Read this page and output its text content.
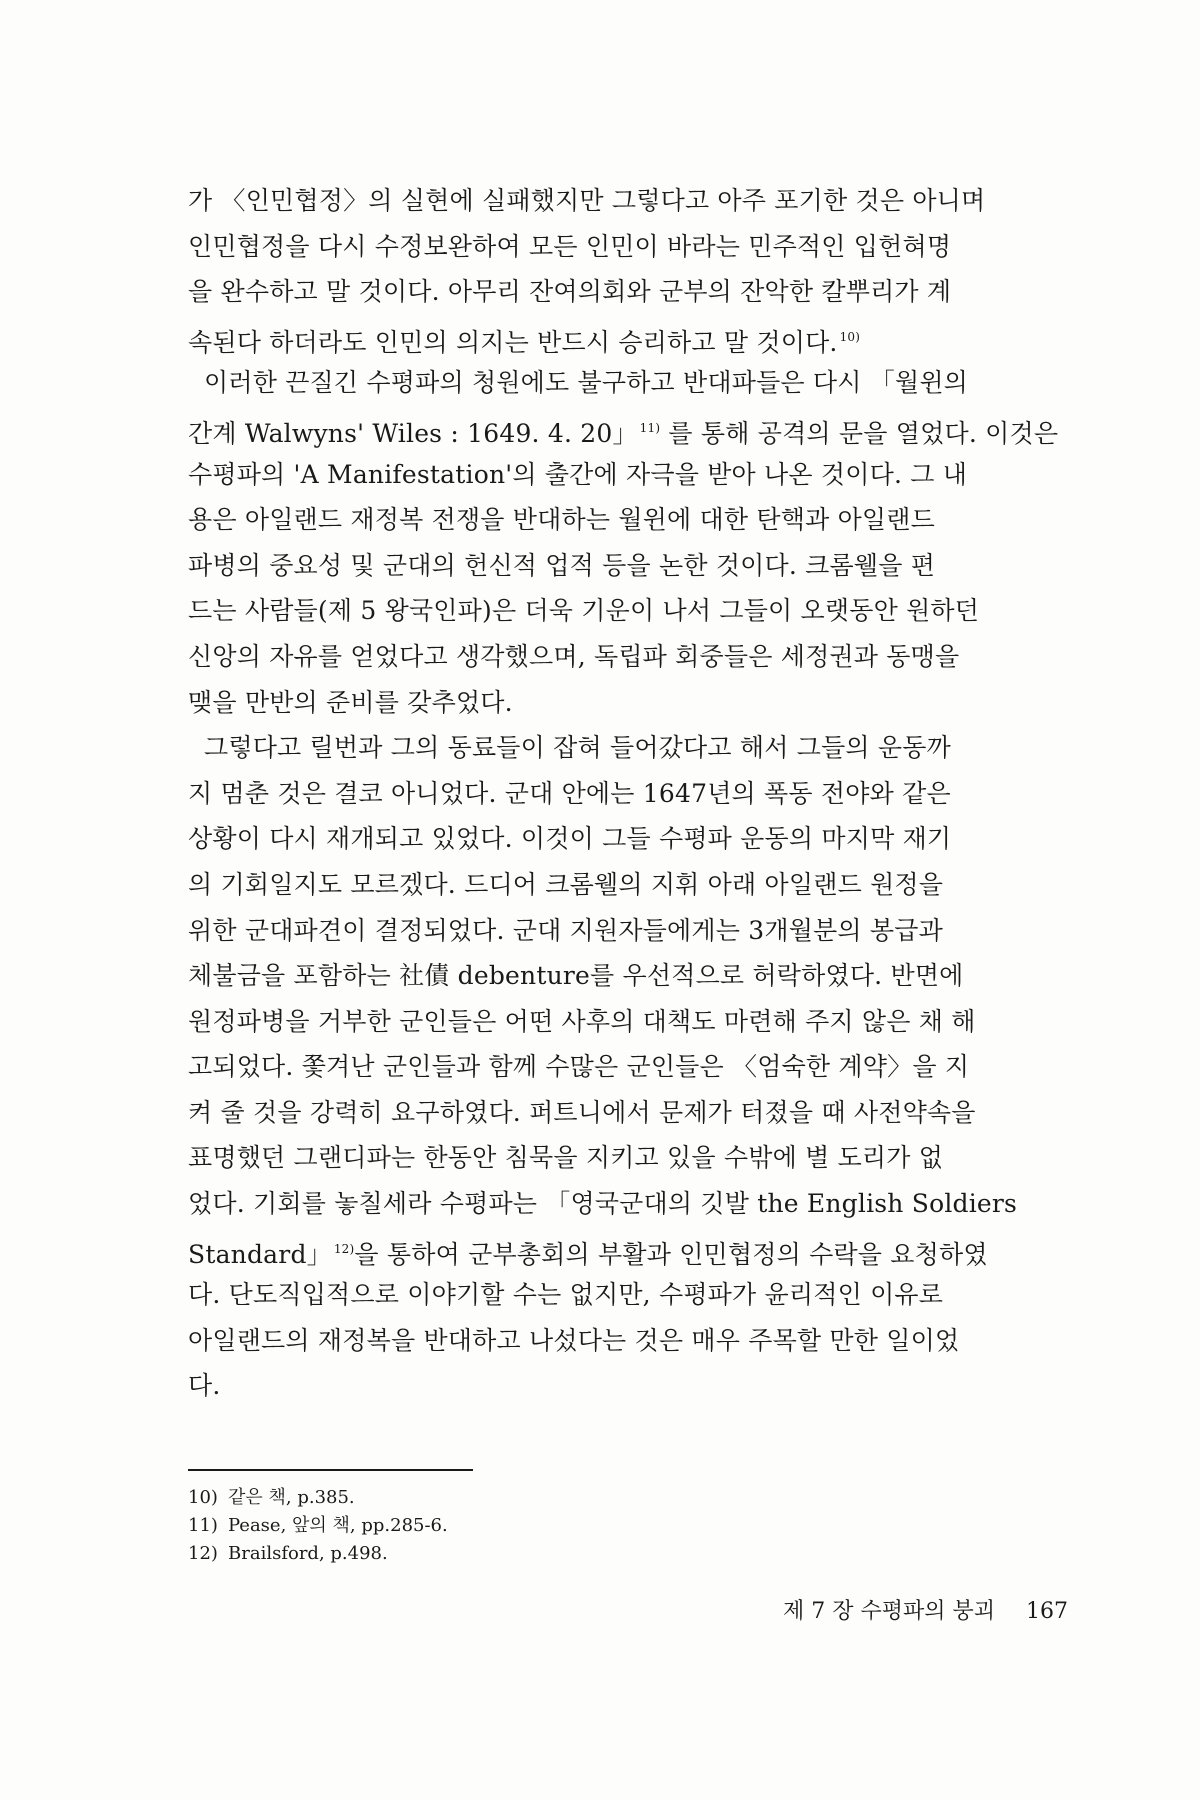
가 〈인민협정〉의 실현에 실패했지만 그렇다고 아주 포기한 것은 아니며
인민협정을 다시 수정보완하여 모든 인민이 바라는 민주적인 입헌혀명
을 완수하고 말 것이다. 아무리 잔여의회와 군부의 잔악한 칼뿌리가 계
속된다 하더라도 인민의 의지는 반드시 승리하고 말 것이다. $^{10)}$
이러한 끈질긴 수평파의 청원에도 불구하고 반대파들은 다시 「월윈의
간계 Walwyns' Wiles : 1649. 4. 20」 $^{11)}$ 를 통해 공격의 문을 열었다. 이것은
수평파의 'A Manifestation'의 출간에 자극을 받아 나온 것이다. 그 내
용은 아일랜드 재정복 전쟁을 반대하는 월윈에 대한 탄핵과 아일랜드
파병의 중요성 및 군대의 헌신적 업적 등을 논한 것이다. 크롬웰을 편
드는 사람들(제 5 왕국인파)은 더욱 기운이 나서 그들이 오랫동안 원하던
신앙의 자유를 얻었다고 생각했으며, 독립파 회중들은 세정권과 동맹을
맺을 만반의 준비를 갖추었다.
그렇다고 릴번과 그의 동료들이 잡혀 들어갔다고 해서 그들의 운동까
지 멈춘 것은 결코 아니었다. 군대 안에는 1647년의 폭동 전야와 같은
상황이 다시 재개되고 있었다. 이것이 그들 수평파 운동의 마지막 재기
의 기회일지도 모르겠다. 드디어 크롬웰의 지휘 아래 아일랜드 원정을
위한 군대파견이 결정되었다. 군대 지원자들에게는 3개월분의 봉급과
체불금을 포함하는 社債 debenture를 우선적으로 허락하였다. 반면에
원정파병을 거부한 군인들은 어떤 사후의 대책도 마련해 주지 않은 채 해
고되었다. 쫓겨난 군인들과 함께 수많은 군인들은 〈엄숙한 계약〉을 지
켜 줄 것을 강력히 요구하였다. 퍼트니에서 문제가 터졌을 때 사전약속을
표명했던 그랜디파는 한동안 침묵을 지키고 있을 수밖에 별 도리가 없
었다. 기회를 놓칠세라 수평파는 「영국군대의 깃발 the English Soldiers
Standard」 $^{12)}$을 통하여 군부총회의 부활과 인민협정의 수락을 요청하였
다. 단도직입적으로 이야기할 수는 없지만, 수평파가 윤리적인 이유로
아일랜드의 재정복을 반대하고 나섰다는 것은 매우 주목할 만한 일이었
다.
10) 같은 책, p.385.
11) Pease, 앞의 책, pp.285-6.
12) Brailsford, p.498.
제 7 장 수평파의 붕괴 167
